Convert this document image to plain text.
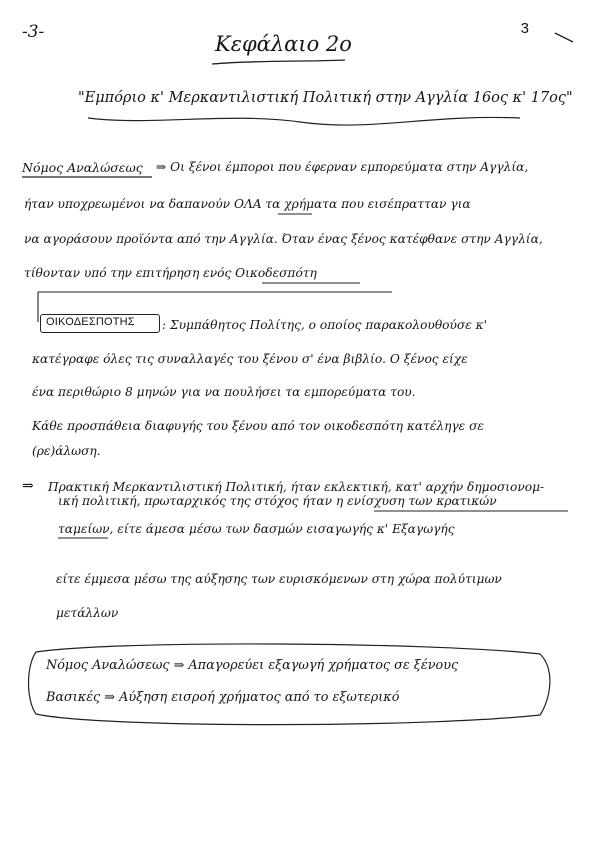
-3-	3
Κεφάλαιο 2ο
"Εμπόριο κ' Μερκαντιλιστική Πολιτική στην Αγγλία 16ος κ' 17ος"
Νόμος Αναλώσεως ⇒ Οι ξένοι έμποροι που έφερναν εμπορεύματα στην Αγγλία,
ήταν υποχρεωμένοι να δαπανούν ΟΛΑ τα χρήματα που εισέπρατταν για
να αγοράσουν προϊόντα από την Αγγλία. Όταν ένας ξένος κατέφθανε στην Αγγλία,
τίθονταν υπό την επιτήρηση ενός Οικοδεσπότη
ΟΙΚΟΔΕΣΠΟΤΗΣ : Συμπάθητος Πολίτης, ο οποίος παρακολουθούσε κ'
κατέγραφε όλες τις συναλλαγές του ξένου σ' ένα βιβλίο. Ο ξένος είχε
ένα περιθώριο 8 μηνών για να πουλήσει τα εμπορεύματα του.
Κάθε προσπάθεια διαφυγής του ξένου από τον οικοδεσπότη κατέληγε σε
(ρε)άλωση.
⇒ Πρακτική Μερκαντιλιστική Πολιτική, ήταν εκλεκτική, κατ' αρχήν δημοσιονομ-
ική πολιτική, πρωταρχικός της στόχος ήταν η ενίσχυση των κρατικών
ταμείων, είτε άμεσα μέσω των δασμών εισαγωγής κ' Εξαγωγής
είτε έμμεσα μέσω της αύξησης των ευρισκόμενων στη χώρα πολύτιμων
μετάλλων
Νόμος Αναλώσεως ⇒ Απαγορεύει εξαγωγή χρήματος σε ξένους
Βασικές ⇒ Αύξηση εισροή χρήματος από το εξωτερικό
